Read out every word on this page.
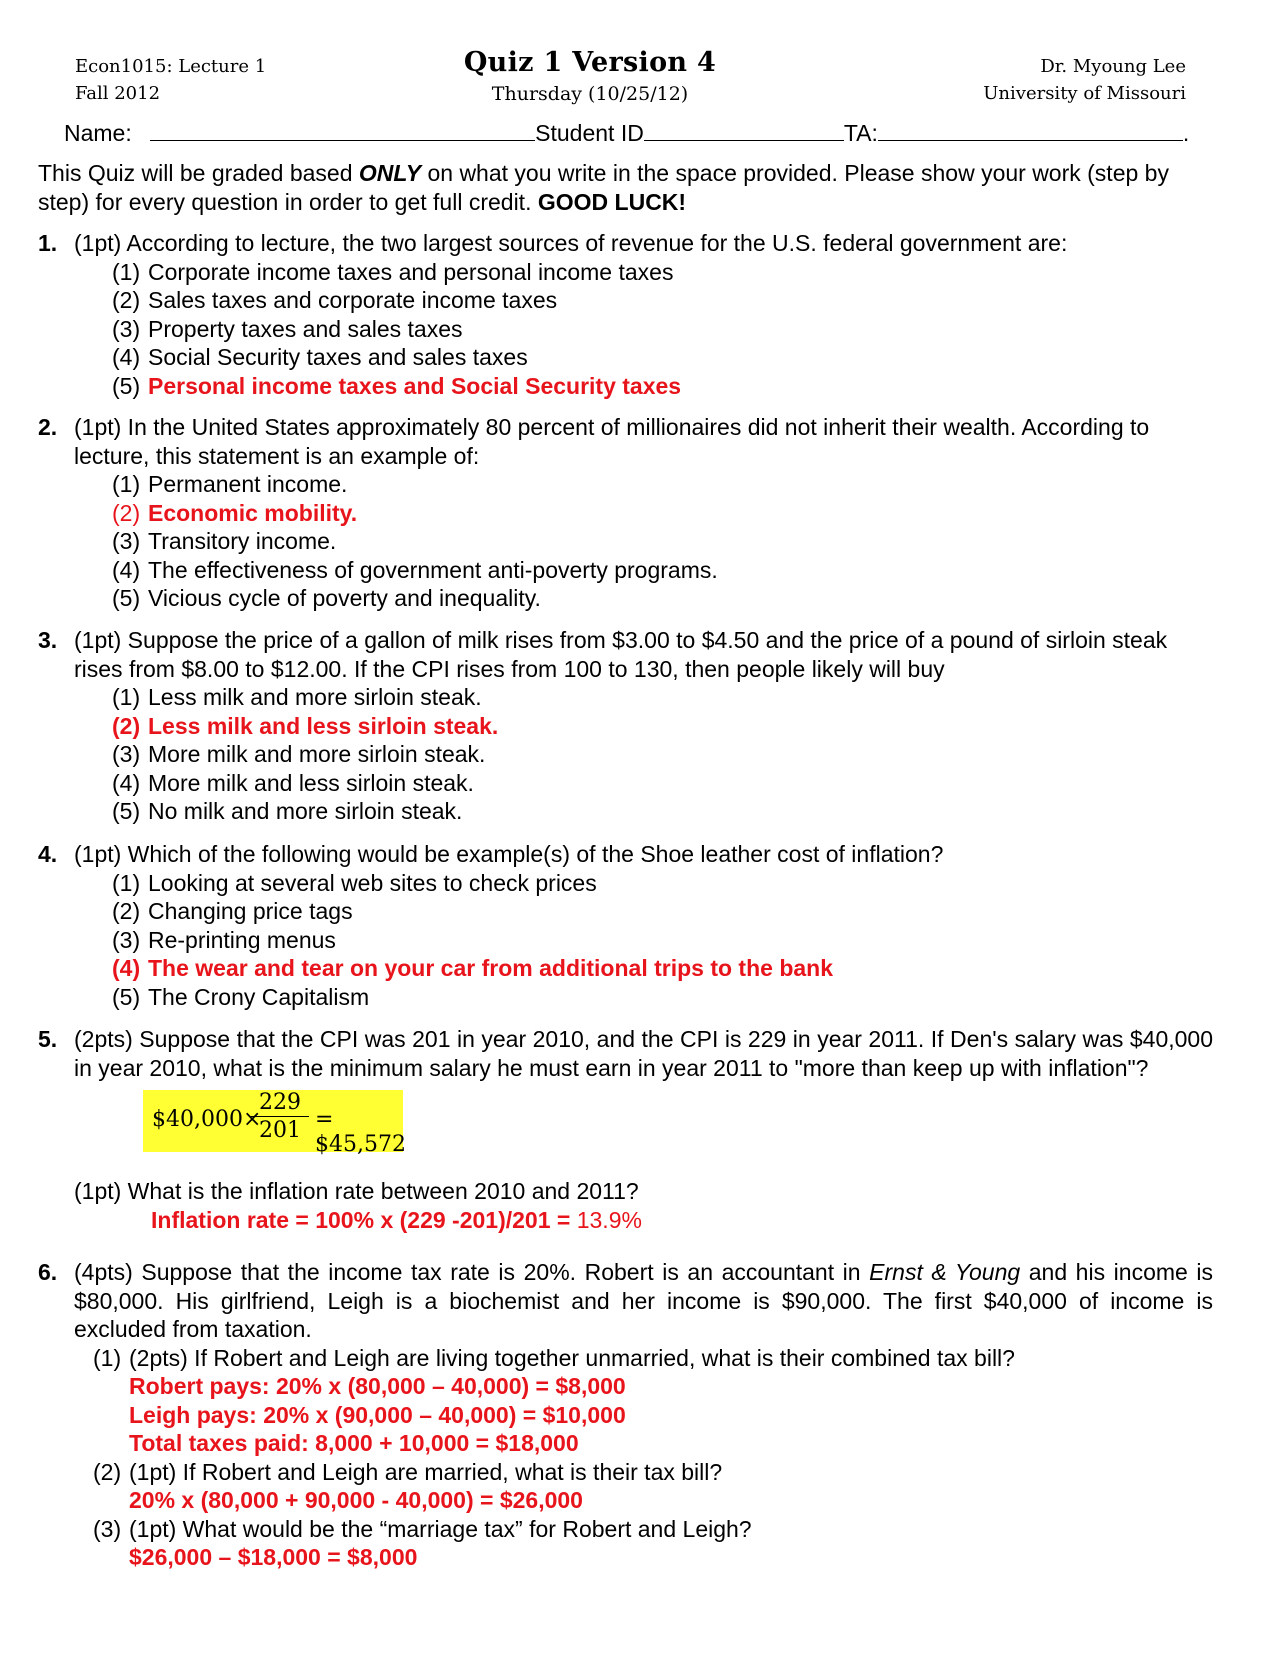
Econ1015: Lecture 1
Fall 2012
Quiz 1 Version 4
Thursday (10/25/12)
Dr. Myoung Lee
University of Missouri
Name:	Student ID	TA:	.
This Quiz will be graded based ONLY on what you write in the space provided. Please show your work (step by step) for every question in order to get full credit. GOOD LUCK!
1. (1pt) According to lecture, the two largest sources of revenue for the U.S. federal government are:
(1) Corporate income taxes and personal income taxes
(2) Sales taxes and corporate income taxes
(3) Property taxes and sales taxes
(4) Social Security taxes and sales taxes
(5) Personal income taxes and Social Security taxes
2. (1pt) In the United States approximately 80 percent of millionaires did not inherit their wealth. According to lecture, this statement is an example of:
(1) Permanent income.
(2) Economic mobility.
(3) Transitory income.
(4) The effectiveness of government anti-poverty programs.
(5) Vicious cycle of poverty and inequality.
3. (1pt) Suppose the price of a gallon of milk rises from $3.00 to $4.50 and the price of a pound of sirloin steak rises from $8.00 to $12.00. If the CPI rises from 100 to 130, then people likely will buy
(1) Less milk and more sirloin steak.
(2) Less milk and less sirloin steak.
(3) More milk and more sirloin steak.
(4) More milk and less sirloin steak.
(5) No milk and more sirloin steak.
4. (1pt) Which of the following would be example(s) of the Shoe leather cost of inflation?
(1) Looking at several web sites to check prices
(2) Changing price tags
(3) Re-printing menus
(4) The wear and tear on your car from additional trips to the bank
(5) The Crony Capitalism
5. (2pts) Suppose that the CPI was 201 in year 2010, and the CPI is 229 in year 2011. If Den's salary was $40,000 in year 2010, what is the minimum salary he must earn in year 2011 to "more than keep up with inflation"?
$40,000×
$\frac{229}{201}$ = $45,572
(1pt) What is the inflation rate between 2010 and 2011?
Inflation rate = 100% x (229 -201)/201 = 13.9%
6. (4pts) Suppose that the income tax rate is 20%. Robert is an accountant in Ernst & Young and his income is $80,000. His girlfriend, Leigh is a biochemist and her income is $90,000. The first $40,000 of income is excluded from taxation.
(1) (2pts) If Robert and Leigh are living together unmarried, what is their combined tax bill?
Robert pays: 20% x (80,000 – 40,000) = $8,000
Leigh pays: 20% x (90,000 – 40,000) = $10,000
Total taxes paid: 8,000 + 10,000 = $18,000
(2) (1pt) If Robert and Leigh are married, what is their tax bill?
20% x (80,000 + 90,000 - 40,000) = $26,000
(3) (1pt) What would be the “marriage tax” for Robert and Leigh?
$26,000 – $18,000 = $8,000
